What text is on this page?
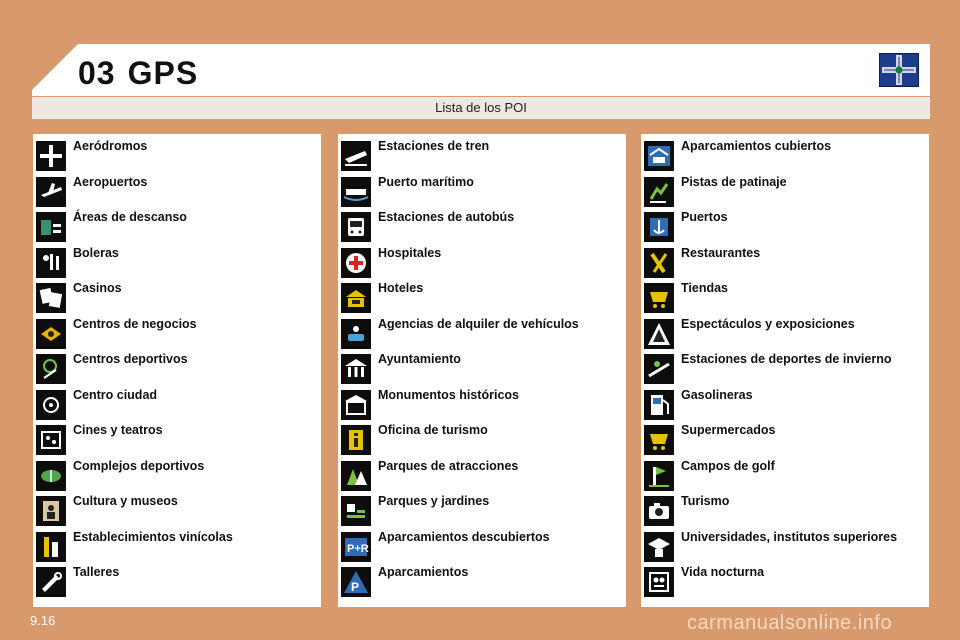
03 GPS
Lista de los POI
9.16	carmanualsonline.info
Aeródromos
Aeropuertos
Áreas de descanso
Boleras
Casinos
Centros de negocios
Centros deportivos
Centro ciudad
Cines y teatros
Complejos deportivos
Cultura y museos
Establecimientos vinícolas
Talleres
Estaciones de tren
Puerto marítimo
Estaciones de autobús
Hospitales
Hoteles
Agencias de alquiler de vehículos
Ayuntamiento
Monumentos históricos
Oficina de turismo
Parques de atracciones
Parques y jardines
P+R
Aparcamientos descubiertos
P
Aparcamientos
Aparcamientos cubiertos
Pistas de patinaje
Puertos
Restaurantes
Tiendas
Espectáculos y exposiciones
Estaciones de deportes de invierno
Gasolineras
Supermercados
Campos de golf
Turismo
Universidades, institutos superiores
Vida nocturna
